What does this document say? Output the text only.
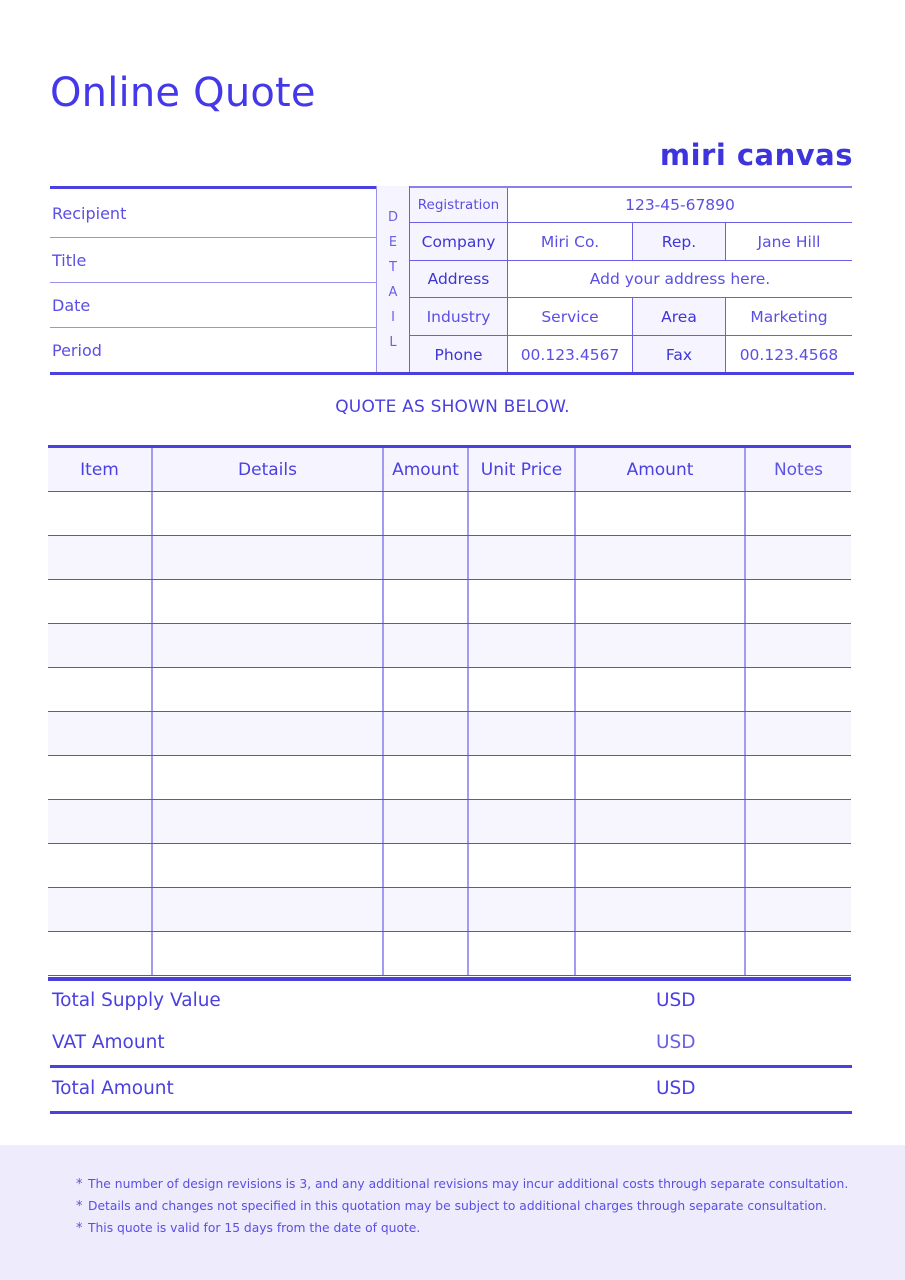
Online Quote
miri canvas
Recipient
Title
Date
Period
D
E
T
A
I
L
Registration	123-45-67890
Company	Miri Co.	Rep.	Jane Hill
Address	Add your address here.
Industry	Service	Area	Marketing
Phone	00.123.4567	Fax	00.123.4568
QUOTE AS SHOWN BELOW.
Item	Details	Amount	Unit Price	Amount	Notes
Total Supply Value	USD
VAT Amount	USD
Total Amount	USD
* The number of design revisions is 3, and any additional revisions may incur additional costs through separate consultation.
* Details and changes not specified in this quotation may be subject to additional charges through separate consultation.
* This quote is valid for 15 days from the date of quote.
